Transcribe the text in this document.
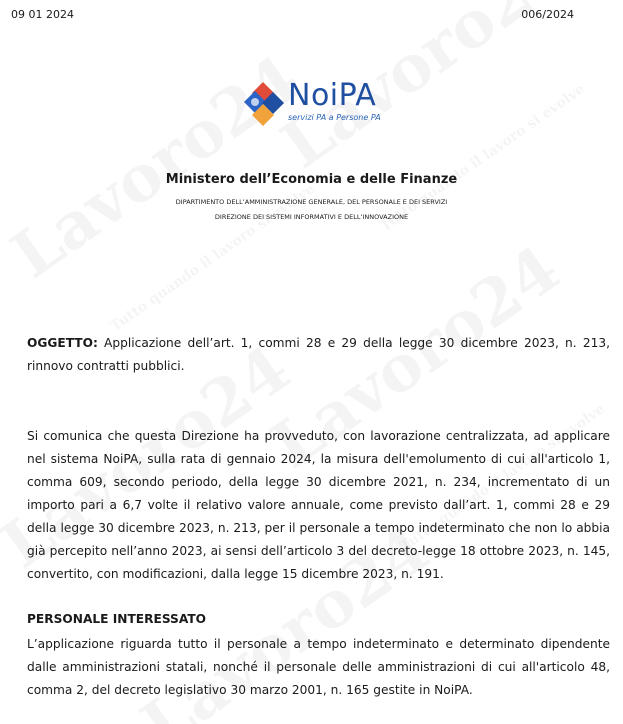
09 01 2024	006/2024
NoiPA
servizi PA a Persone PA
Ministero dell’Economia e delle Finanze
DIPARTIMENTO DELL’AMMINISTRAZIONE GENERALE, DEL PERSONALE E DEI SERVIZI
DIREZIONE DEI SISTEMI INFORMATIVI E DELL’INNOVAZIONE
OGGETTO: Applicazione dell’art. 1, commi 28 e 29 della legge 30 dicembre 2023, n. 213, rinnovo contratti pubblici.
Si comunica che questa Direzione ha provveduto, con lavorazione centralizzata, ad applicare nel sistema NoiPA, sulla rata di gennaio 2024, la misura dell'emolumento di cui all'articolo 1, comma 609, secondo periodo, della legge 30 dicembre 2021, n. 234, incrementato di un importo pari a 6,7 volte il relativo valore annuale, come previsto dall’art. 1, commi 28 e 29 della legge 30 dicembre 2023, n. 213, per il personale a tempo indeterminato che non lo abbia già percepito nell’anno 2023, ai sensi dell’articolo 3 del decreto-legge 18 ottobre 2023, n. 145, convertito, con modificazioni, dalla legge 15 dicembre 2023, n. 191.
PERSONALE INTERESSATO
L’applicazione riguarda tutto il personale a tempo indeterminato e determinato dipendente dalle amministrazioni statali, nonché il personale delle amministrazioni di cui all'articolo 48, comma 2, del decreto legislativo 30 marzo 2001, n. 165 gestite in NoiPA.
